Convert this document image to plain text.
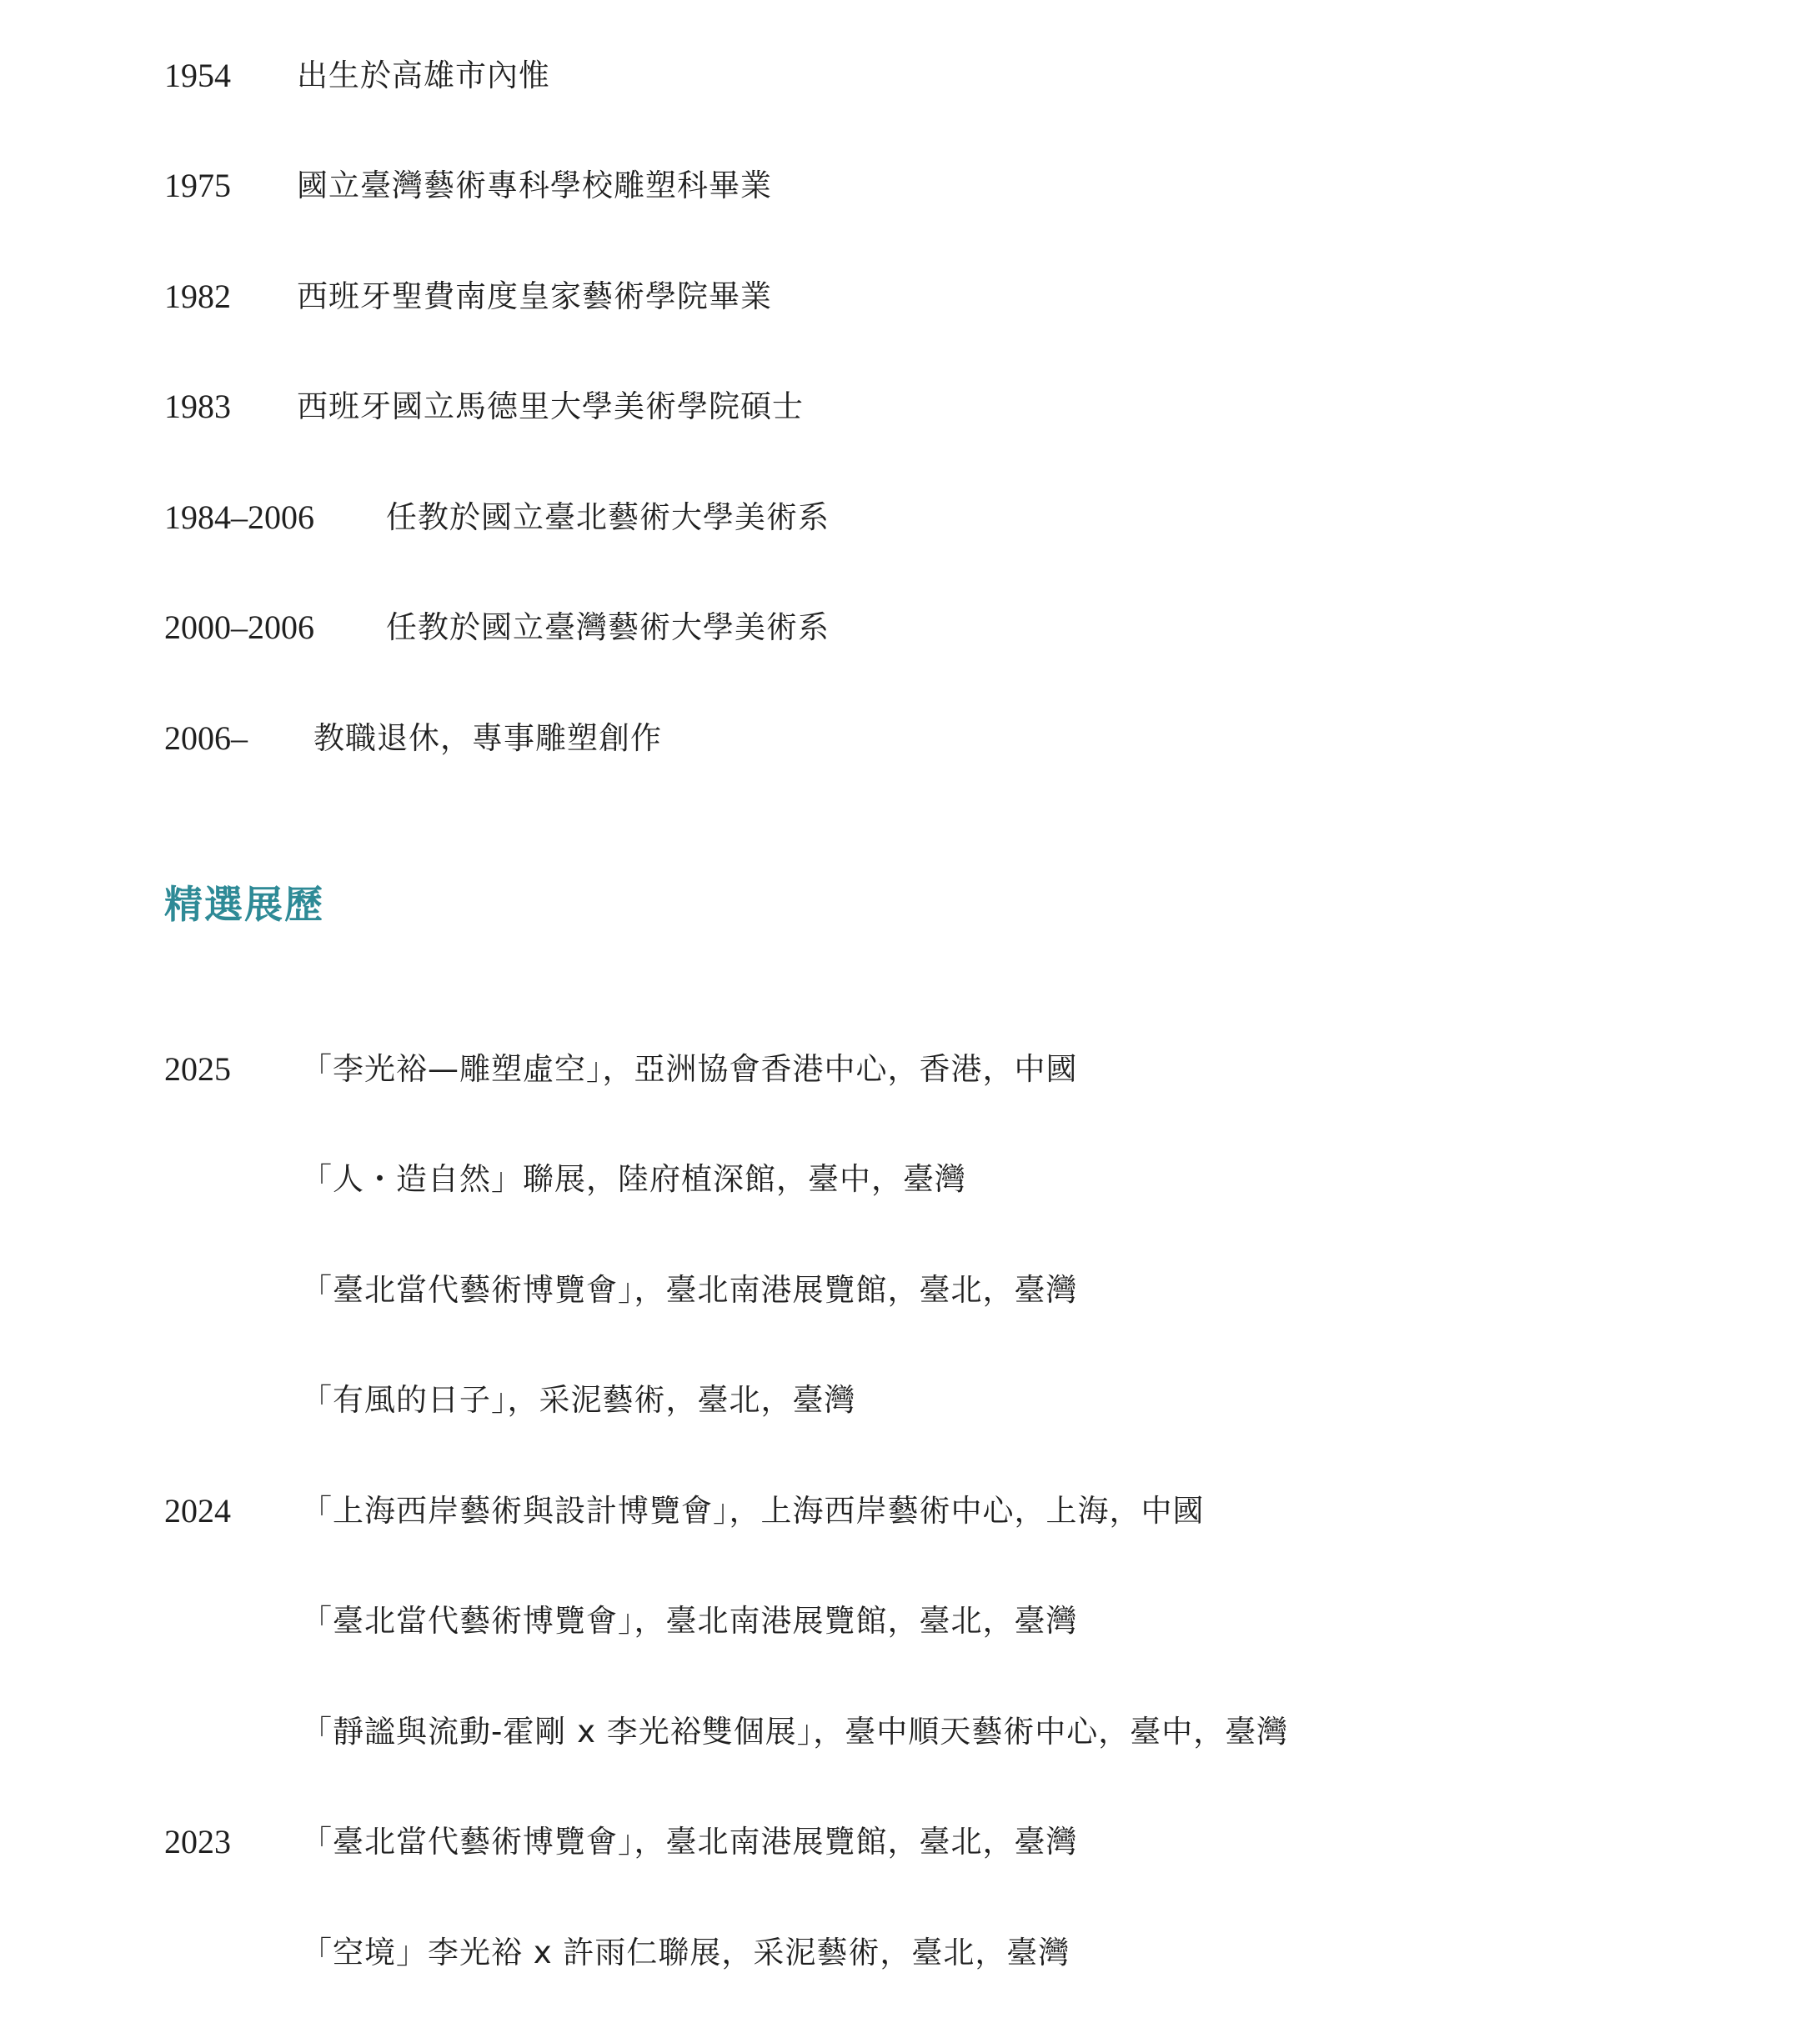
1954 出生於高雄市內惟
1975 國立臺灣藝術專科學校雕塑科畢業
1982 西班牙聖費南度皇家藝術學院畢業
1983 西班牙國立馬德里大學美術學院碩士
1984–2006 任教於國立臺北藝術大學美術系
2000–2006 任教於國立臺灣藝術大學美術系
2006– 教職退休，專事雕塑創作
精選展歷
2025 「李光裕—雕塑虛空」，亞洲協會香港中心，香港，中國
「人・造自然」聯展，陸府植深館，臺中，臺灣
「臺北當代藝術博覽會」，臺北南港展覽館，臺北，臺灣
「有風的日子」，采泥藝術，臺北，臺灣
2024 「上海西岸藝術與設計博覽會」，上海西岸藝術中心，上海，中國
「臺北當代藝術博覽會」，臺北南港展覽館，臺北，臺灣
「靜謐與流動-霍剛 x 李光裕雙個展」，臺中順天藝術中心，臺中，臺灣
2023 「臺北當代藝術博覽會」，臺北南港展覽館，臺北，臺灣
「空境」李光裕 x 許雨仁聯展，采泥藝術，臺北，臺灣
